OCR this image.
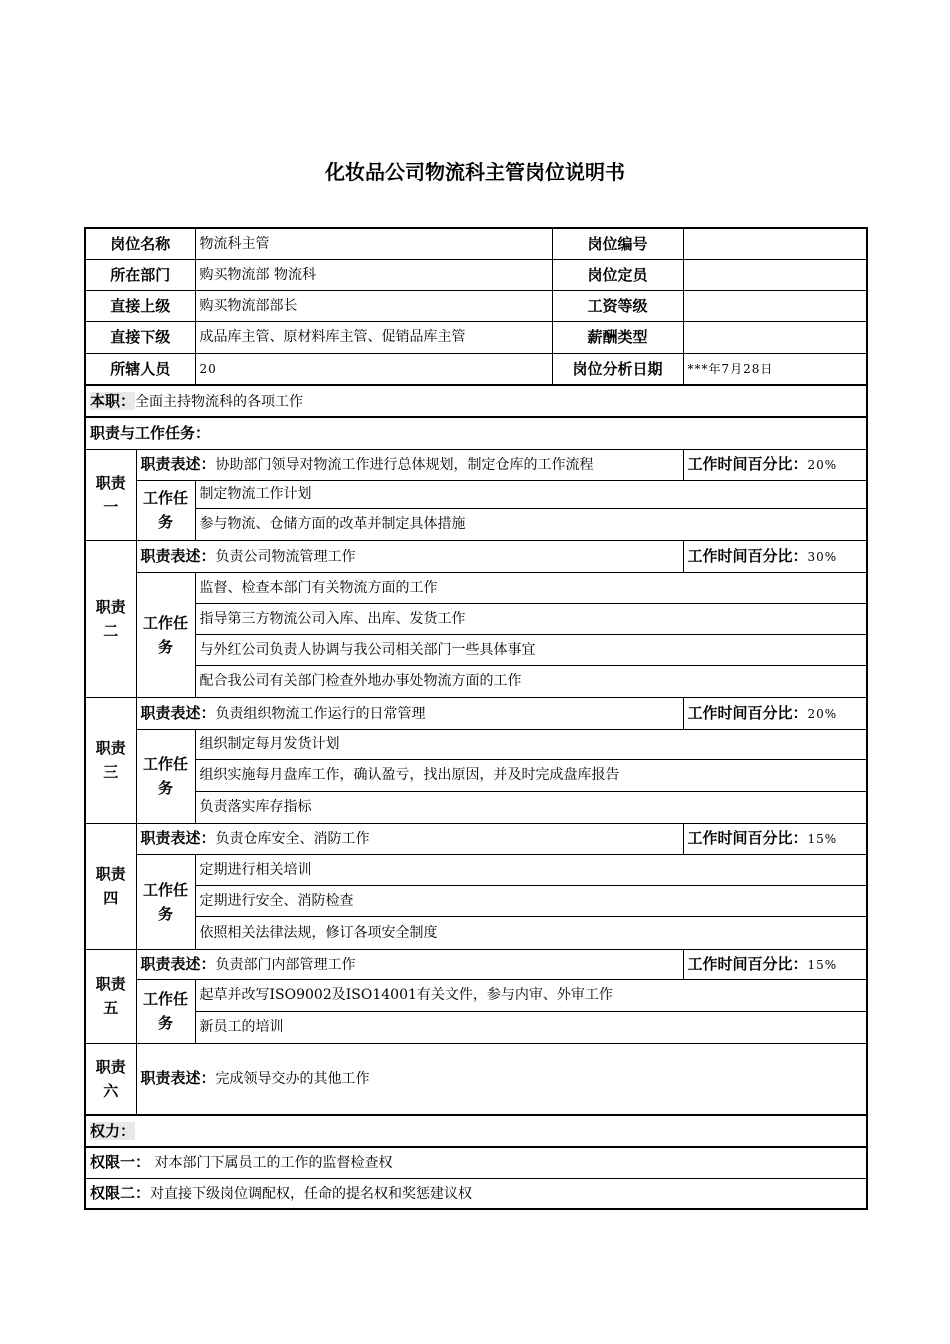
化妆品公司物流科主管岗位说明书
岗位名称		物流科主管	岗位编号	
所在部门		购买物流部 物流科	岗位定员	
直接上级		购买物流部部长	工资等级	
直接下级		成品库主管、原材料库主管、促销品库主管	薪酬类型	
所辖人员		20	岗位分析日期	***年7月28日
本职：全面主持物流科的各项工作				
职责与工作任务：				
职责一	职责表述：协助部门领导对物流工作进行总体规划，制定仓库的工作流程			工作时间百分比：20%
	工作任务	制定物流工作计划		
		参与物流、仓储方面的改革并制定具体措施		
职责二	职责表述：负责公司物流管理工作			工作时间百分比：30%
	工作任务	监督、检查本部门有关物流方面的工作		
		指导第三方物流公司入库、出库、发货工作		
		与外红公司负责人协调与我公司相关部门一些具体事宜		
		配合我公司有关部门检查外地办事处物流方面的工作		
职责三	职责表述：负责组织物流工作运行的日常管理			工作时间百分比：20%
	工作任务	组织制定每月发货计划		
		组织实施每月盘库工作，确认盈亏，找出原因，并及时完成盘库报告		
		负责落实库存指标		
职责四	职责表述：负责仓库安全、消防工作			工作时间百分比：15%
	工作任务	定期进行相关培训		
		定期进行安全、消防检查		
		依照相关法律法规，修订各项安全制度		
职责五	职责表述：负责部门内部管理工作			工作时间百分比：15%
	工作任务	起草并改写ISO9002及ISO14001有关文件，参与内审、外审工作		
		新员工的培训		
职责六	职责表述：完成领导交办的其他工作			
权力：				
权限一： 对本部门下属员工的工作的监督检查权				
权限二：对直接下级岗位调配权，任命的提名权和奖惩建议权				
